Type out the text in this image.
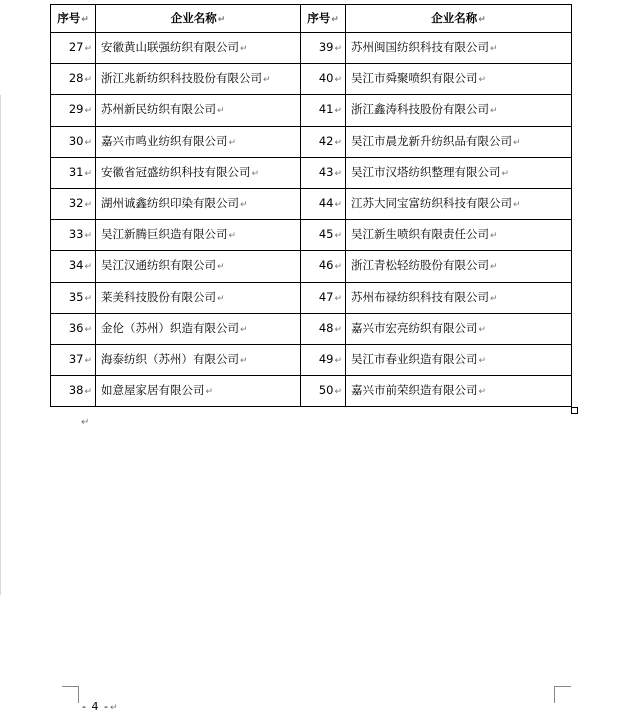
序号↵	企业名称↵	序号↵	企业名称↵
27↵	安徽黄山联强纺织有限公司↵	39↵	苏州闽国纺织科技有限公司↵
28↵	浙江兆新纺织科技股份有限公司↵	40↵	吴江市舜聚喷织有限公司↵
29↵	苏州新民纺织有限公司↵	41↵	浙江鑫涛科技股份有限公司↵
30↵	嘉兴市鸣业纺织有限公司↵	42↵	吴江市晨龙新升纺织品有限公司↵
31↵	安徽省冠盛纺织科技有限公司↵	43↵	吴江市汉塔纺织整理有限公司↵
32↵	湖州诚鑫纺织印染有限公司↵	44↵	江苏大同宝富纺织科技有限公司↵
33↵	吴江新腾巨织造有限公司↵	45↵	吴江新生喷织有限责任公司↵
34↵	吴江汉通纺织有限公司↵	46↵	浙江青松轻纺股份有限公司↵
35↵	莱美科技股份有限公司↵	47↵	苏州布禄纺织科技有限公司↵
36↵	金伦（苏州）织造有限公司↵	48↵	嘉兴市宏亮纺织有限公司↵
37↵	海泰纺织（苏州）有限公司↵	49↵	吴江市春业织造有限公司↵
38↵	如意屋家居有限公司↵	50↵	嘉兴市前荣织造有限公司↵
↵
- 4 -↵
